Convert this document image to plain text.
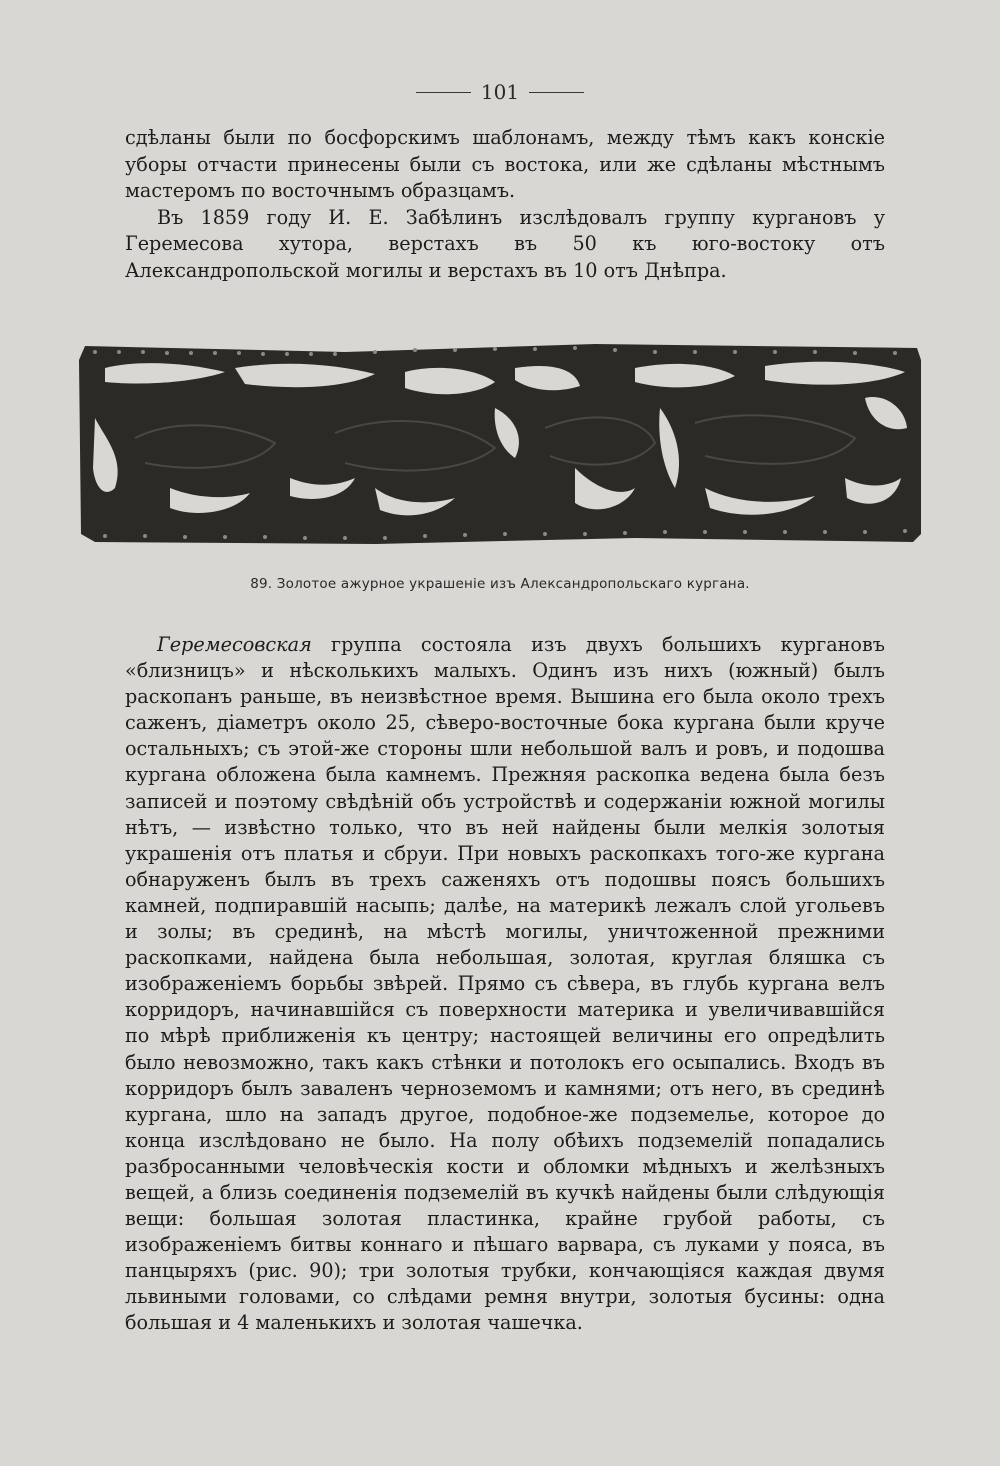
101

сдѣланы были по босфорскимъ шаблонамъ, между тѣмъ какъ конскіе уборы отчасти принесены были съ востока, или же сдѣланы мѣстнымъ мастеромъ по восточнымъ образцамъ.

Въ 1859 году И. Е. Забѣлинъ изслѣдовалъ группу кургановъ у Геремесова хутора, верстахъ въ 50 къ юго-востоку отъ Александропольской могилы и верстахъ въ 10 отъ Днѣпра.

89. Золотое ажурное украшеніе изъ Александропольскаго кургана.

Геремесовская группа состояла изъ двухъ большихъ кургановъ «близницъ» и нѣсколькихъ малыхъ. Одинъ изъ нихъ (южный) былъ раскопанъ раньше, въ неизвѣстное время. Вышина его была около трехъ саженъ, діаметръ около 25, сѣверо-восточные бока кургана были круче остальныхъ; съ этой-же стороны шли небольшой валъ и ровъ, и подошва кургана обложена была камнемъ. Прежняя раскопка ведена была безъ записей и поэтому свѣдѣній объ устройствѣ и содержаніи южной могилы нѣтъ, — извѣстно только, что въ ней найдены были мелкія золотыя украшенія отъ платья и сбруи. При новыхъ раскопкахъ того-же кургана обнаруженъ былъ въ трехъ саженяхъ отъ подошвы поясъ большихъ камней, подпиравшій насыпь; далѣе, на материкѣ лежалъ слой угольевъ и золы; въ срединѣ, на мѣстѣ могилы, уничтоженной прежними раскопками, найдена была небольшая, золотая, круглая бляшка съ изображеніемъ борьбы звѣрей. Прямо съ сѣвера, въ глубь кургана велъ корридоръ, начинавшійся съ поверхности материка и увеличивавшійся по мѣрѣ приближенія къ центру; настоящей величины его опредѣлить было невозможно, такъ какъ стѣнки и потолокъ его осыпались. Входъ въ корридоръ былъ заваленъ черноземомъ и камнями; отъ него, въ срединѣ кургана, шло на западъ другое, подобное-же подземелье, которое до конца изслѣдовано не было. На полу обѣихъ подземелій попадались разбросанными человѣческія кости и обломки мѣдныхъ и желѣзныхъ вещей, а близь соединенія подземелій въ кучкѣ найдены были слѣдующія вещи: большая золотая пластинка, крайне грубой работы, съ изображеніемъ битвы коннаго и пѣшаго варвара, съ луками у пояса, въ панцыряхъ (рис. 90); три золотыя трубки, кончающіяся каждая двумя львиными головами, со слѣдами ремня внутри, золотыя бусины: одна большая и 4 маленькихъ и золотая чашечка.
